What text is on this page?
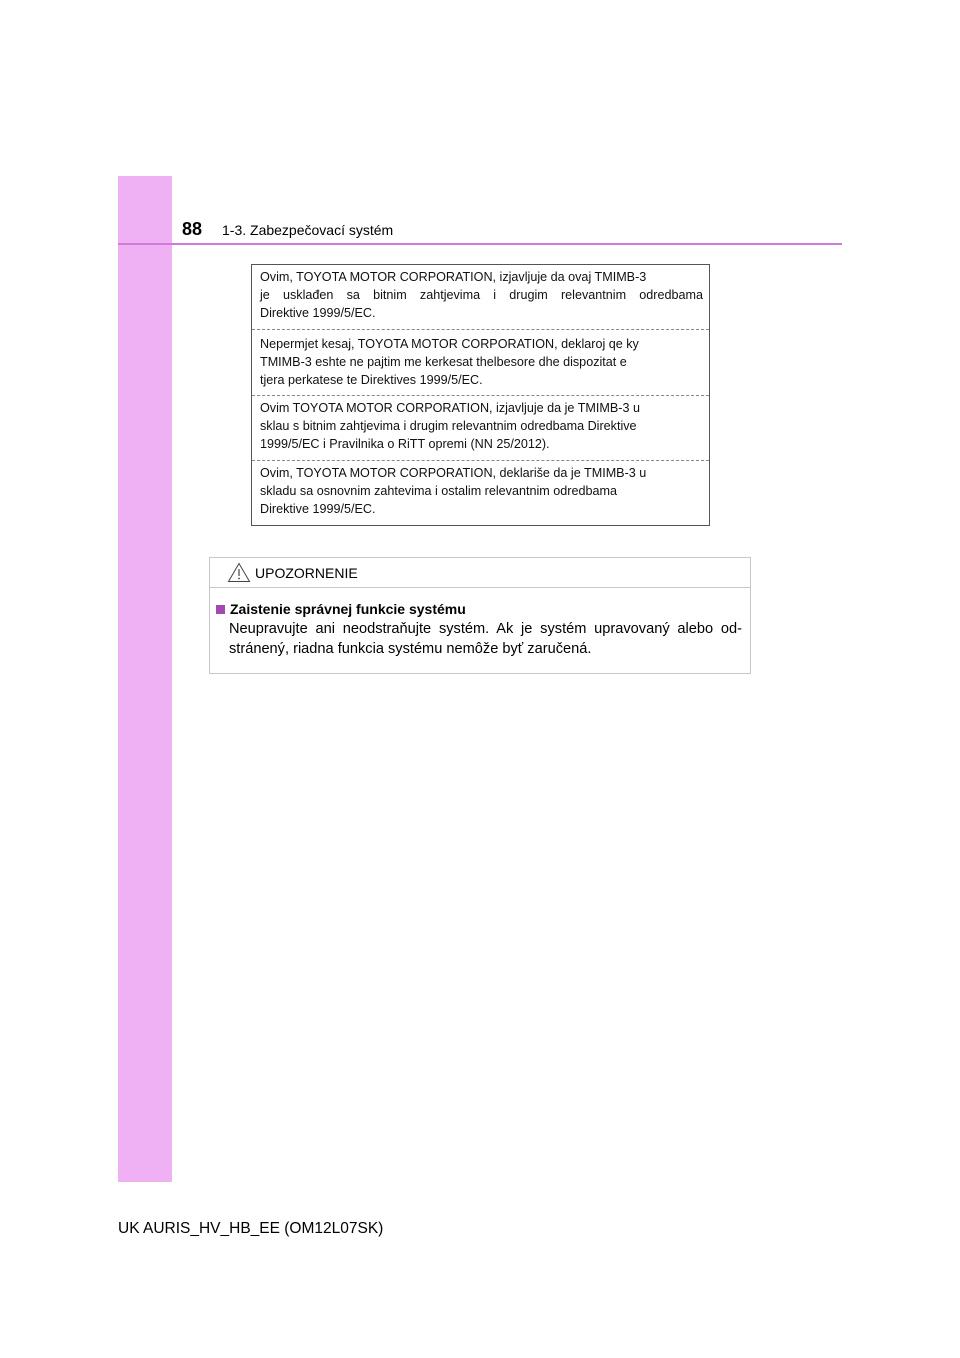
88 1-3. Zabezpečovací systém
Ovim, TOYOTA MOTOR CORPORATION, izjavljuje da ovaj TMIMB-3
je usklađen sa bitnim zahtjevima i drugim relevantnim odredbama
Direktive 1999/5/EC.
Nepermjet kesaj, TOYOTA MOTOR CORPORATION, deklaroj qe ky
TMIMB-3 eshte ne pajtim me kerkesat thelbesore dhe dispozitat e
tjera perkatese te Direktives 1999/5/EC.
Ovim TOYOTA MOTOR CORPORATION, izjavljuje da je TMIMB-3 u
sklau s bitnim zahtjevima i drugim relevantnim odredbama Direktive
1999/5/EC i Pravilnika o RiTT opremi (NN 25/2012).
Ovim, TOYOTA MOTOR CORPORATION, deklariše da je TMIMB-3 u
skladu sa osnovnim zahtevima i ostalim relevantnim odredbama
Direktive 1999/5/EC.
UPOZORNENIE
Zaistenie správnej funkcie systému
Neupravujte ani neodstraňujte systém. Ak je systém upravovaný alebo od-stránený, riadna funkcia systému nemôže byť zaručená.
UK AURIS_HV_HB_EE (OM12L07SK)
